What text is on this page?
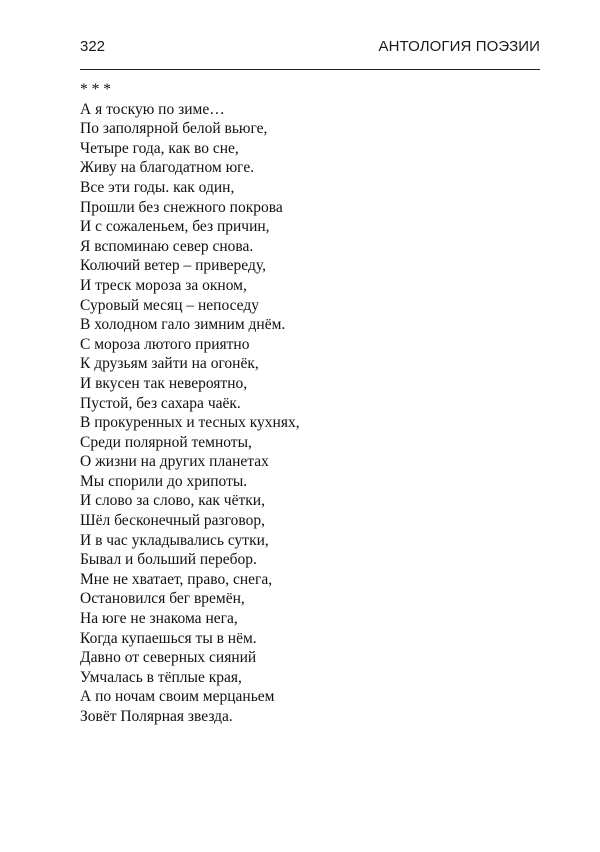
322	АНТОЛОГИЯ ПОЭЗИИ
* * *
А я тоскую по зиме…
По заполярной белой вьюге,
Четыре года, как во сне,
Живу на благодатном юге.
Все эти годы. как один,
Прошли без снежного покрова
И с сожаленьем, без причин,
Я вспоминаю север снова.
Колючий ветер – привереду,
И треск мороза за окном,
Суровый месяц – непоседу
В холодном гало зимним днём.
С мороза лютого приятно
К друзьям зайти на огонёк,
И вкусен так невероятно,
Пустой, без сахара чаёк.
В прокуренных и тесных кухнях,
Среди полярной темноты,
О жизни на других планетах
Мы спорили до хрипоты.
И слово за слово, как чётки,
Шёл бесконечный разговор,
И в час укладывались сутки,
Бывал и больший перебор.
Мне не хватает, право, снега,
Остановился бег времён,
На юге не знакома нега,
Когда купаешься ты в нём.
Давно от северных сияний
Умчалась в тёплые края,
А по ночам своим мерцаньем
Зовёт Полярная звезда.
